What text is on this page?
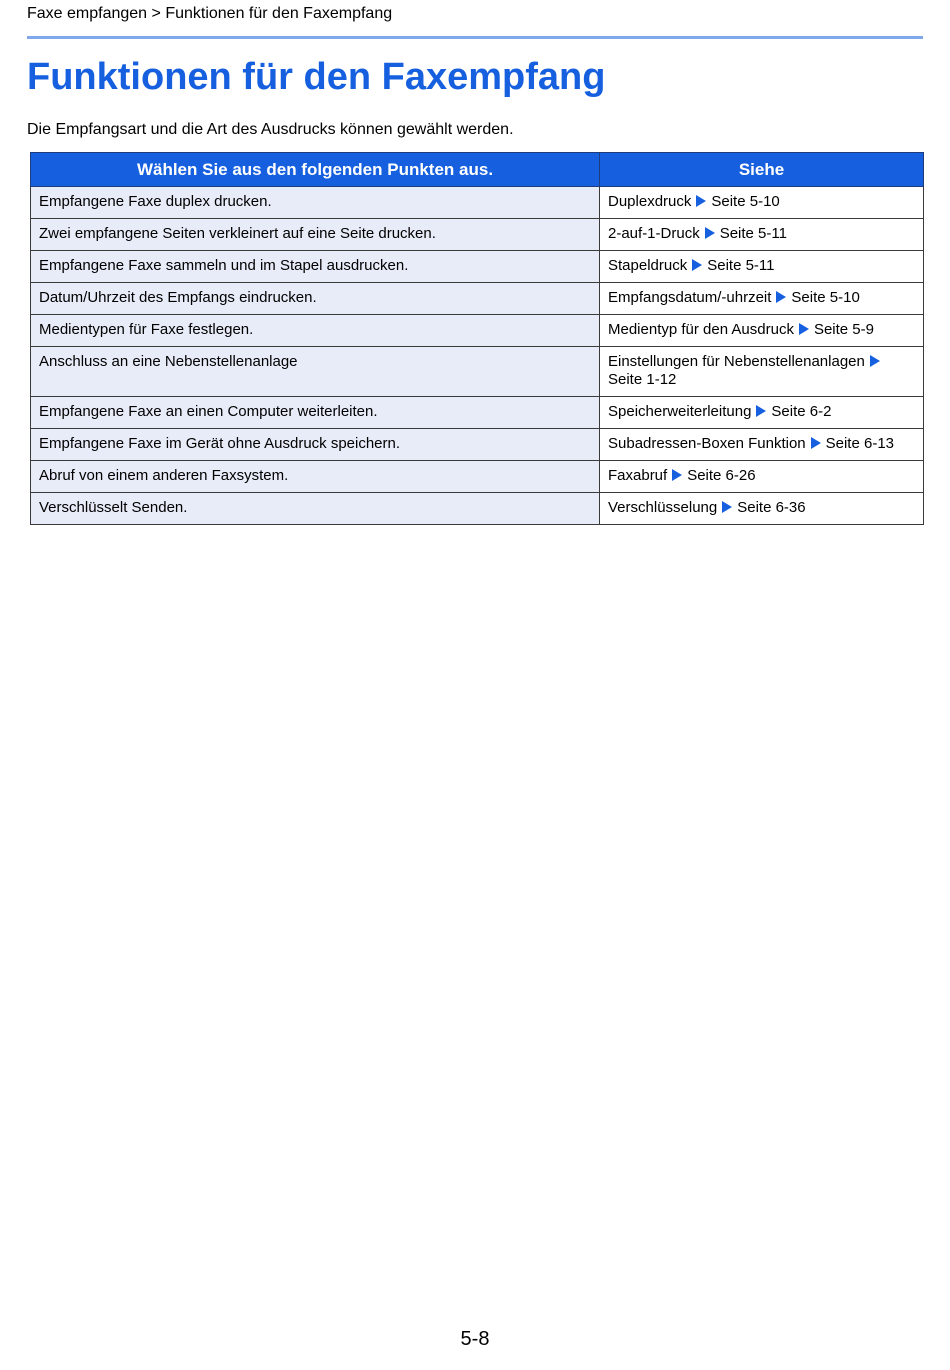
Faxe empfangen > Funktionen für den Faxempfang
Funktionen für den Faxempfang
Die Empfangsart und die Art des Ausdrucks können gewählt werden.
Wählen Sie aus den folgenden Punkten aus.	Siehe
Empfangene Faxe duplex drucken.	Duplexdruck Seite 5-10
Zwei empfangene Seiten verkleinert auf eine Seite drucken.	2-auf-1-Druck Seite 5-11
Empfangene Faxe sammeln und im Stapel ausdrucken.	Stapeldruck Seite 5-11
Datum/Uhrzeit des Empfangs eindrucken.	Empfangsdatum/-uhrzeit Seite 5-10
Medientypen für Faxe festlegen.	Medientyp für den Ausdruck Seite 5-9
Anschluss an eine Nebenstellenanlage	Einstellungen für NebenstellenanlagenSeite 1-12
Empfangene Faxe an einen Computer weiterleiten.	Speicherweiterleitung Seite 6-2
Empfangene Faxe im Gerät ohne Ausdruck speichern.	Subadressen-Boxen Funktion Seite 6-13
Abruf von einem anderen Faxsystem.	Faxabruf Seite 6-26
Verschlüsselt Senden.	Verschlüsselung Seite 6-36
5-8
